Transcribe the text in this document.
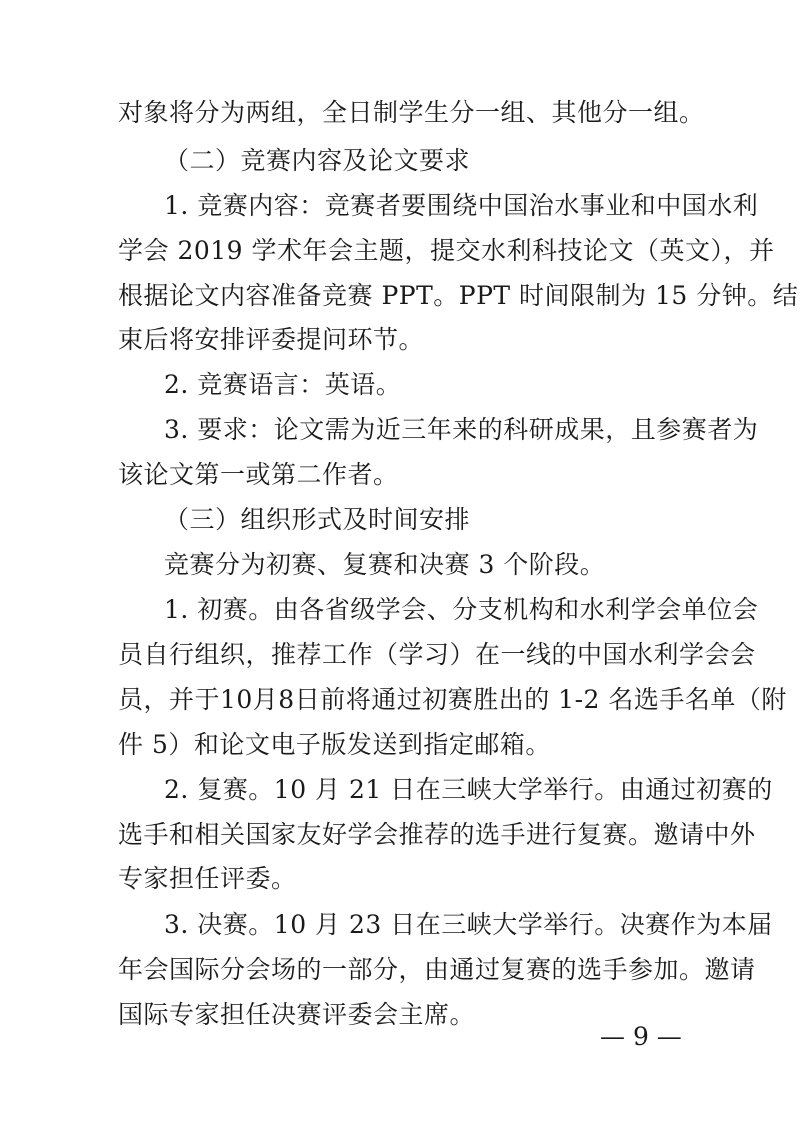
对象将分为两组，全日制学生分一组、其他分一组。
（二）竞赛内容及论文要求
1. 竞赛内容：竞赛者要围绕中国治水事业和中国水利
学会 2019 学术年会主题，提交水利科技论文（英文），并
根据论文内容准备竞赛 PPT。PPT 时间限制为 15 分钟。结
束后将安排评委提问环节。
2. 竞赛语言：英语。
3. 要求：论文需为近三年来的科研成果，且参赛者为
该论文第一或第二作者。
（三）组织形式及时间安排
竞赛分为初赛、复赛和决赛 3 个阶段。
1. 初赛。由各省级学会、分支机构和水利学会单位会
员自行组织，推荐工作（学习）在一线的中国水利学会会
员，并于10月8日前将通过初赛胜出的 1-2 名选手名单（附
件 5）和论文电子版发送到指定邮箱。
2. 复赛。10 月 21 日在三峡大学举行。由通过初赛的
选手和相关国家友好学会推荐的选手进行复赛。邀请中外
专家担任评委。
3. 决赛。10 月 23 日在三峡大学举行。决赛作为本届
年会国际分会场的一部分，由通过复赛的选手参加。邀请
国际专家担任决赛评委会主席。
— 9 —
